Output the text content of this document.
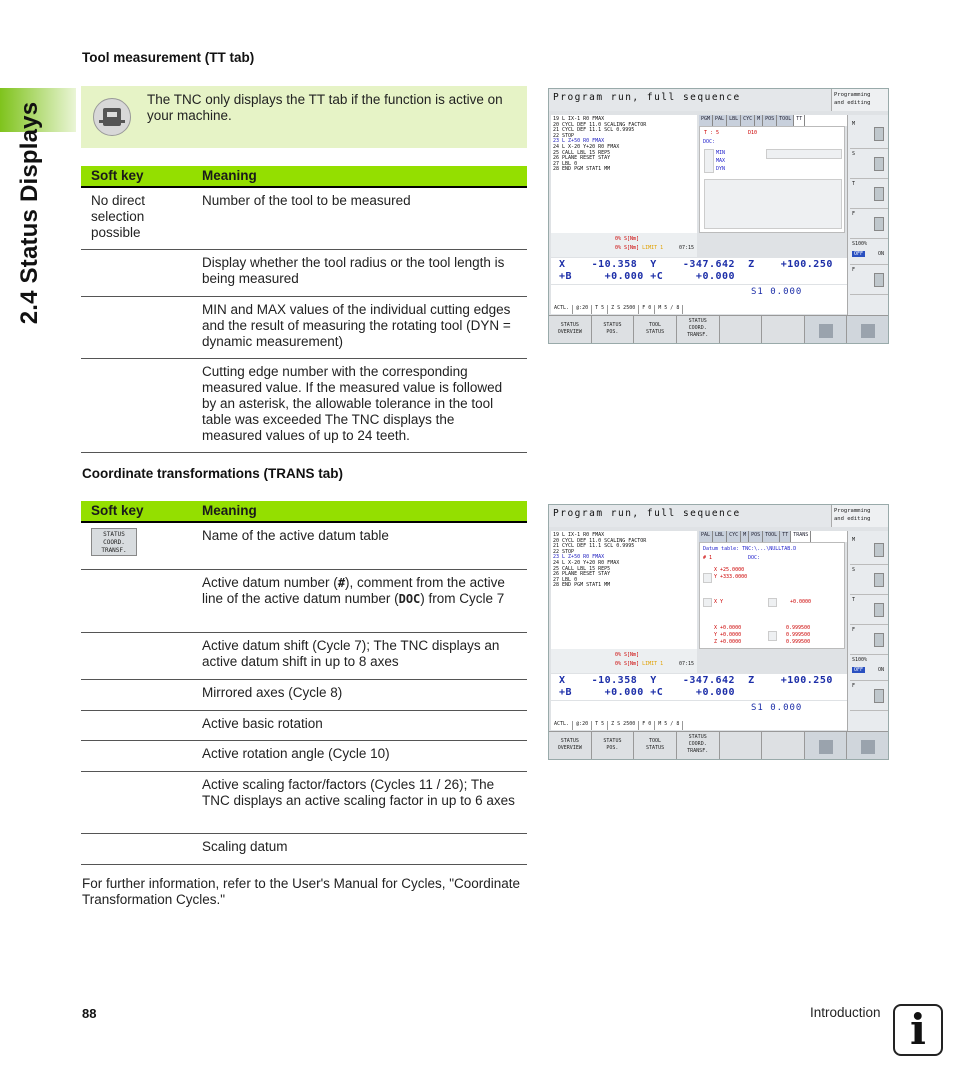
2.4 Status Displays
Tool measurement (TT tab)
The TNC only displays the TT tab if the function is active on your machine.
Soft key	Meaning
No direct selection possible	Number of the tool to be measured
	Display whether the tool radius or the tool length is being measured
	MIN and MAX values of the individual cutting edges and the result of measuring the rotating tool (DYN = dynamic measurement)
	Cutting edge number with the corresponding measured value. If the measured value is followed by an asterisk, the allowable tolerance in the tool table was exceeded The TNC displays the measured values of up to 24 teeth.
Coordinate transformations (TRANS tab)
Soft key	Meaning
STATUS
COORD.
TRANSF.	Name of the active datum table
	Active datum number (#), comment from the active line of the active datum number (DOC) from Cycle 7
	Active datum shift (Cycle 7); The TNC displays an active datum shift in up to 8 axes
	Mirrored axes (Cycle 8)
	Active basic rotation
	Active rotation angle (Cycle 10)
	Active scaling factor/factors (Cycles 11 / 26); The TNC displays an active scaling factor in up to 6 axes
	Scaling datum
For further information, refer to the User's Manual for Cycles, "Coordinate Transformation Cycles."
88	Introduction i
Program run, full sequence	Programming
and editing
19 L IX-1 R0 FMAX
20 CYCL DEF 11.0 SCALING FACTOR
21 CYCL DEF 11.1 SCL 0.9995
22 STOP
23 L Z+50 R0 FMAX
24 L X-20 Y+20 R0 FMAX
25 CALL LBL 15 REP5
26 PLANE RESET STAY
27 LBL 0
28 END PGM STAT1 MM
PGM	PAL	LBL	CYC	M	POS	TOOL	TT
T : 5	D10
DOC:
MIN
MAX
DYN
M
S
T
F
S100%
OFF	ON
F
0% S[Nm]
0% S[Nm] LIMIT 1	07:15
X    -10.358  Y    -347.642  Z    +100.250
+B     +0.000 +C     +0.000
S1 0.000
ACTL.	@:20	T 5	Z S 2500	F 0	M 5 / 8
STATUS
OVERVIEW
STATUS
POS.
TOOL
STATUS
STATUS
COORD.
TRANSF.
Program run, full sequence	Programming
and editing
19 L IX-1 R0 FMAX
20 CYCL DEF 11.0 SCALING FACTOR
21 CYCL DEF 11.1 SCL 0.9995
22 STOP
23 L Z+50 R0 FMAX
24 L X-20 Y+20 R0 FMAX
25 CALL LBL 15 REP5
26 PLANE RESET STAY
27 LBL 0
28 END PGM STAT1 MM
PAL	LBL	CYC	M	POS	TOOL	TT	TRANS
Datum table: TNC:\...\NULLTAB.D
# 1	DOC:
X +25.0000
Y +333.0000
X Y	+0.0000
X +0.0000
Y +0.0000
Z +0.0000
0.999500
0.999500
0.999500
M
S
T
F
S100%
OFF	ON
F
0% S[Nm]
0% S[Nm] LIMIT 1	07:15
X    -10.358  Y    -347.642  Z    +100.250
+B     +0.000 +C     +0.000
S1 0.000
ACTL.	@:20	T 5	Z S 2500	F 0	M 5 / 8
STATUS
OVERVIEW
STATUS
POS.
TOOL
STATUS
STATUS
COORD.
TRANSF.
